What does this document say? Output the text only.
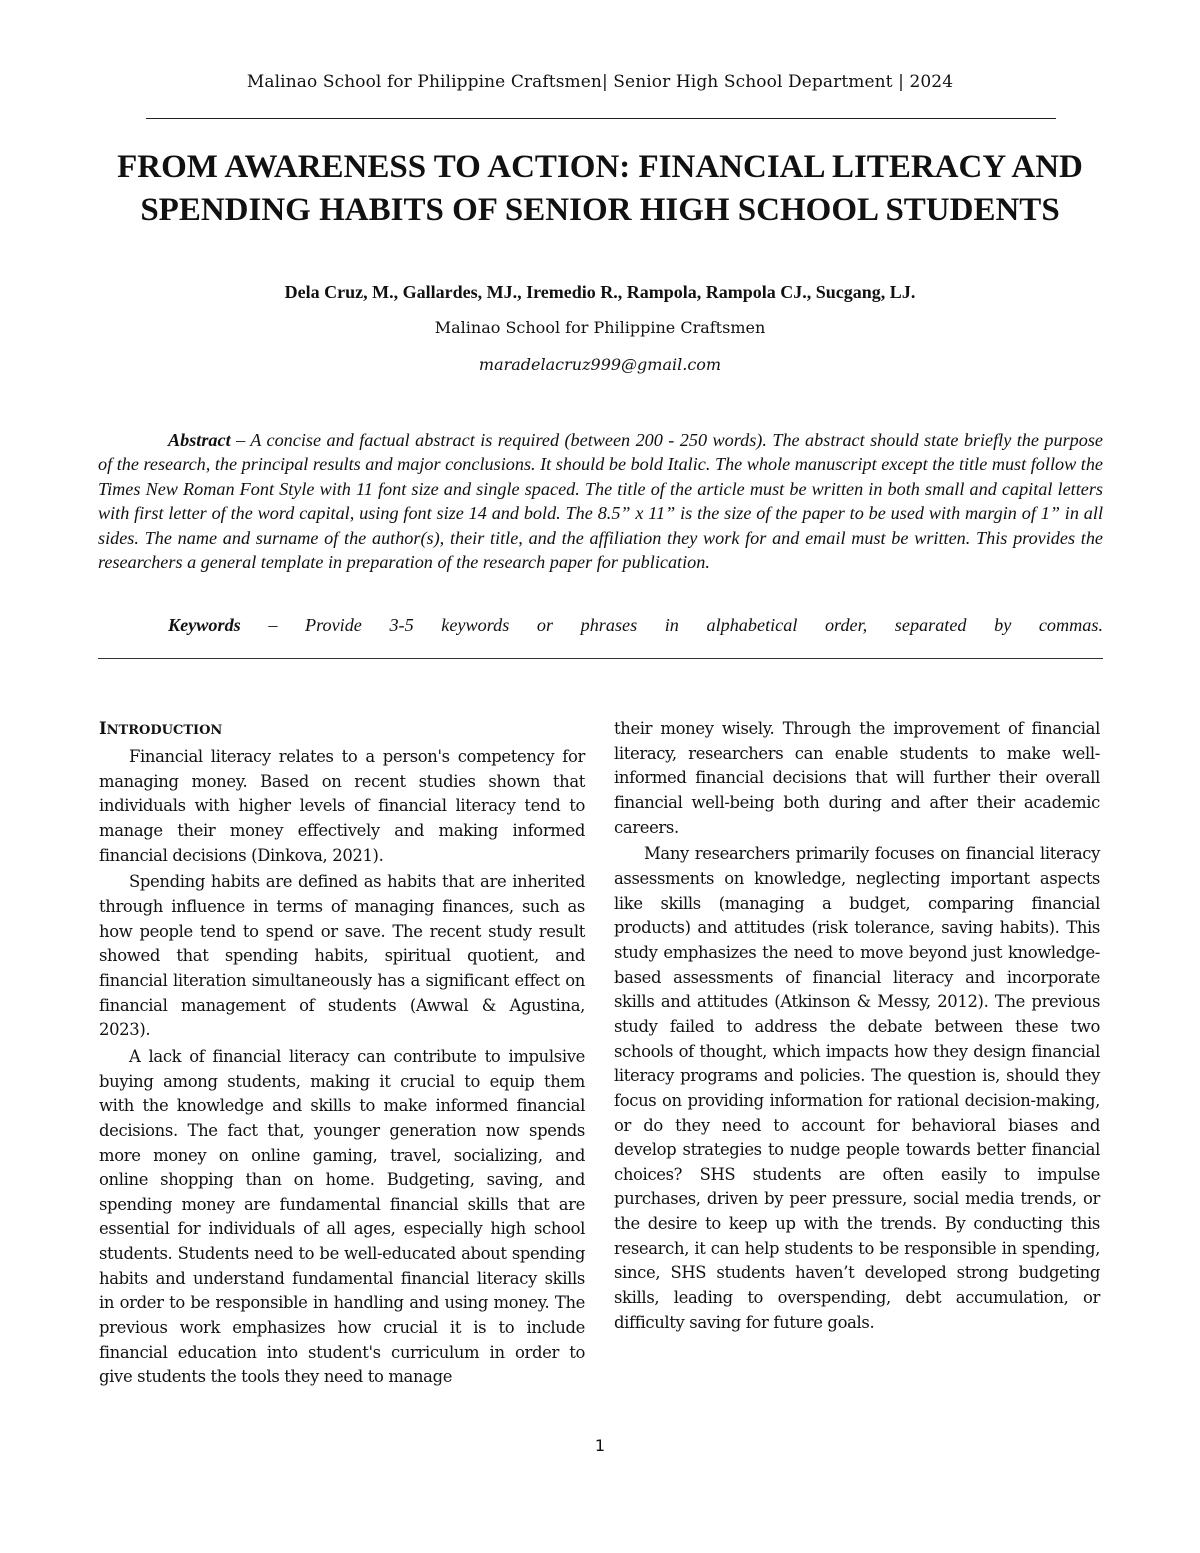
Malinao School for Philippine Craftsmen| Senior High School Department | 2024
FROM AWARENESS TO ACTION: FINANCIAL LITERACY AND SPENDING HABITS OF SENIOR HIGH SCHOOL STUDENTS
Dela Cruz, M., Gallardes, MJ., Iremedio R., Rampola, Rampola CJ., Sucgang, LJ.
Malinao School for Philippine Craftsmen
maradelacruz999@gmail.com

Abstract – A concise and factual abstract is required (between 200 - 250 words). The abstract should state briefly the purpose of the research, the principal results and major conclusions. It should be bold Italic. The whole manuscript except the title must follow the Times New Roman Font Style with 11 font size and single spaced. The title of the article must be written in both small and capital letters with first letter of the word capital, using font size 14 and bold. The 8.5” x 11” is the size of the paper to be used with margin of 1” in all sides. The name and surname of the author(s), their title, and the affiliation they work for and email must be written. This provides the researchers a general template in preparation of the research paper for publication.

Keywords – Provide 3-5 keywords or phrases in alphabetical order, separated by commas.

INTRODUCTION

Financial literacy relates to a person's competency for managing money. Based on recent studies shown that individuals with higher levels of financial literacy tend to manage their money effectively and making informed financial decisions (Dinkova, 2021).

Spending habits are defined as habits that are inherited through influence in terms of managing finances, such as how people tend to spend or save. The recent study result showed that spending habits, spiritual quotient, and financial literation simultaneously has a significant effect on financial management of students (Awwal & Agustina, 2023).

A lack of financial literacy can contribute to impulsive buying among students, making it crucial to equip them with the knowledge and skills to make informed financial decisions. The fact that, younger generation now spends more money on online gaming, travel, socializing, and online shopping than on home. Budgeting, saving, and spending money are fundamental financial skills that are essential for individuals of all ages, especially high school students. Students need to be well-educated about spending habits and understand fundamental financial literacy skills in order to be responsible in handling and using money. The previous work emphasizes how crucial it is to include financial education into student's curriculum in order to give students the tools they need to manage

their money wisely. Through the improvement of financial literacy, researchers can enable students to make well-informed financial decisions that will further their overall financial well-being both during and after their academic careers.

Many researchers primarily focuses on financial literacy assessments on knowledge, neglecting important aspects like skills (managing a budget, comparing financial products) and attitudes (risk tolerance, saving habits). This study emphasizes the need to move beyond just knowledge-based assessments of financial literacy and incorporate skills and attitudes (Atkinson & Messy, 2012). The previous study failed to address the debate between these two schools of thought, which impacts how they design financial literacy programs and policies. The question is, should they focus on providing information for rational decision-making, or do they need to account for behavioral biases and develop strategies to nudge people towards better financial choices? SHS students are often easily to impulse purchases, driven by peer pressure, social media trends, or the desire to keep up with the trends. By conducting this research, it can help students to be responsible in spending, since, SHS students haven’t developed strong budgeting skills, leading to overspending, debt accumulation, or difficulty saving for future goals.

1
